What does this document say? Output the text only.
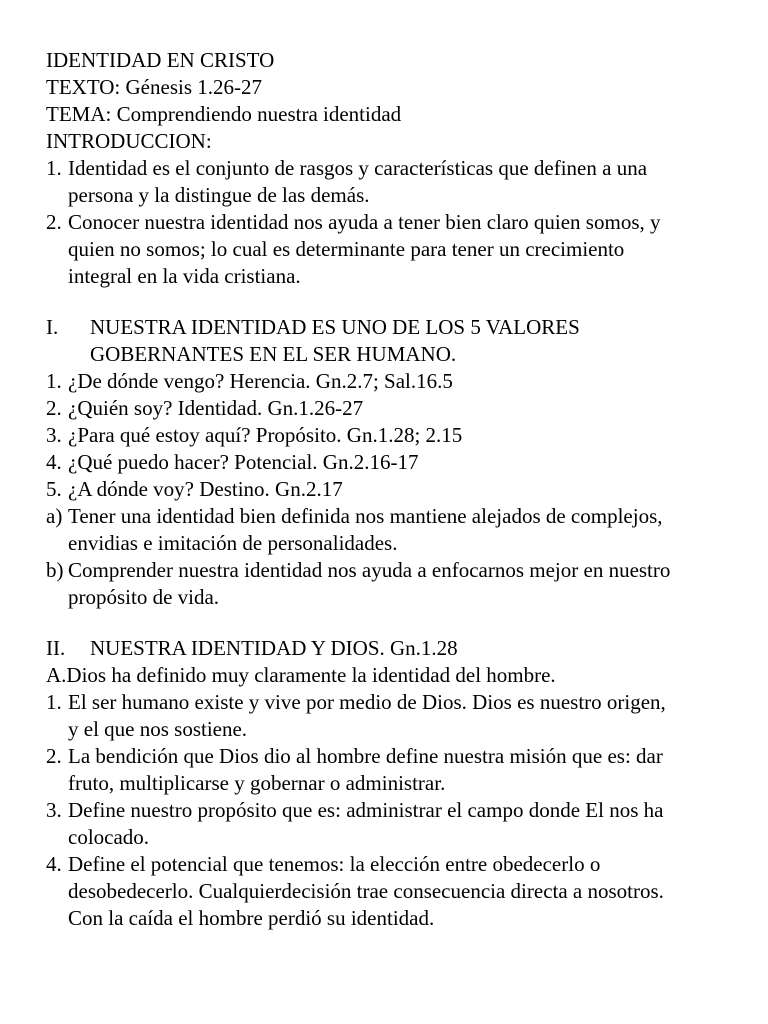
IDENTIDAD EN CRISTO
TEXTO: Génesis 1.26-27
TEMA: Comprendiendo nuestra identidad
INTRODUCCION:
1. Identidad es el conjunto de rasgos y características que definen a una
persona y la distingue de las demás.
2. Conocer nuestra identidad nos ayuda a tener bien claro quien somos, y
quien no somos; lo cual es determinante para tener un crecimiento
integral en la vida cristiana.
I. NUESTRA IDENTIDAD ES UNO DE LOS 5 VALORES
GOBERNANTES EN EL SER HUMANO.
1. ¿De dónde vengo? Herencia. Gn.2.7; Sal.16.5
2. ¿Quién soy? Identidad. Gn.1.26-27
3. ¿Para qué estoy aquí? Propósito. Gn.1.28; 2.15
4. ¿Qué puedo hacer? Potencial. Gn.2.16-17
5. ¿A dónde voy? Destino. Gn.2.17
a) Tener una identidad bien definida nos mantiene alejados de complejos,
envidias e imitación de personalidades.
b) Comprender nuestra identidad nos ayuda a enfocarnos mejor en nuestro
propósito de vida.
II. NUESTRA IDENTIDAD Y DIOS. Gn.1.28
A.Dios ha definido muy claramente la identidad del hombre.
1. El ser humano existe y vive por medio de Dios. Dios es nuestro origen,
y el que nos sostiene.
2. La bendición que Dios dio al hombre define nuestra misión que es: dar
fruto, multiplicarse y gobernar o administrar.
3. Define nuestro propósito que es: administrar el campo donde El nos ha
colocado.
4. Define el potencial que tenemos: la elección entre obedecerlo o
desobedecerlo. Cualquierdecisión trae consecuencia directa a nosotros.
Con la caída el hombre perdió su identidad.
